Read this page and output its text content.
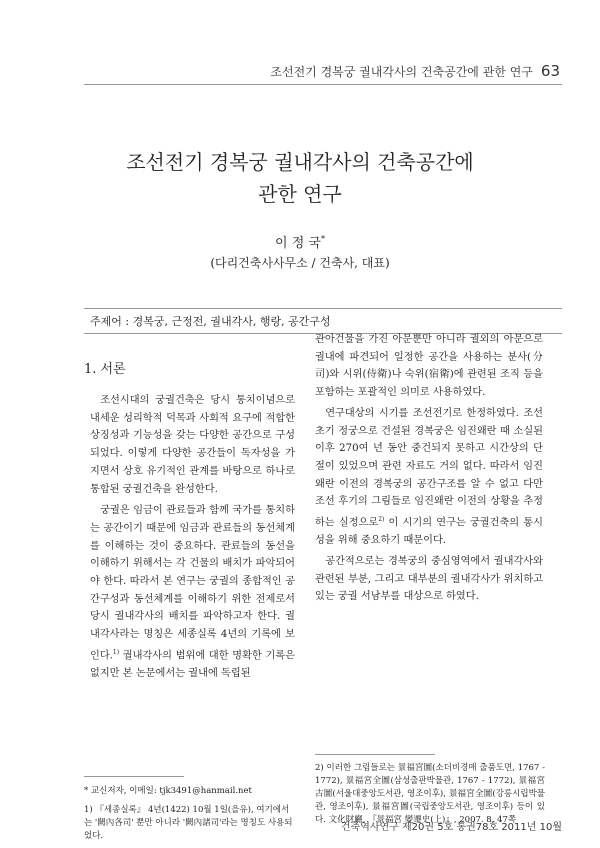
조선전기 경복궁 궐내각사의 건축공간에 관한 연구 63
조선전기 경복궁 궐내각사의 건축공간에
관한 연구
이 정 국*
(다리건축사사무소 / 건축사, 대표)
주제어 : 경복궁, 근정전, 궐내각사, 행랑, 공간구성
1. 서론

조선시대의 궁궐건축은 당시 통치이념으로 내세운 성리학적 덕목과 사회적 요구에 적합한 상징성과 기능성을 갖는 다양한 공간으로 구성되었다. 이렇게 다양한 공간들이 독자성을 가지면서 상호 유기적인 관계를 바탕으로 하나로 통합된 궁궐건축을 완성한다.

궁궐은 임금이 관료들과 함께 국가를 통치하는 공간이기 때문에 임금과 관료들의 동선체계를 이해하는 것이 중요하다. 관료들의 동선을 이해하기 위해서는 각 건물의 배치가 파악되어야 한다. 따라서 본 연구는 궁궐의 종합적인 공간구성과 동선체계를 이해하기 위한 전제로서 당시 궐내각사의 배치를 파악하고자 한다. 궐내각사라는 명칭은 세종실록 4년의 기록에 보인다.$^{1)}$ 궐내각사의 범위에 대한 명확한 기록은 없지만 본 논문에서는 궐내에 독립된

관아건물을 가진 아문뿐만 아니라 궐외의 아문으로 궐내에 파견되어 일정한 공간을 사용하는 분사(分司)와 시위(侍衛)나 숙위(宿衛)에 관련된 조직 등을 포함하는 포괄적인 의미로 사용하였다.

연구대상의 시기를 조선전기로 한정하였다. 조선초기 정궁으로 건설된 경복궁은 임진왜란 때 소실된 이후 270여 년 동안 중건되지 못하고 시간상의 단절이 있었으며 관련 자료도 거의 없다. 따라서 임진왜란 이전의 경복궁의 공간구조를 알 수 없고 다만 조선 후기의 그림들로 임진왜란 이전의 상황을 추정하는 실정으로$^{2)}$ 이 시기의 연구는 궁궐건축의 통시성을 위해 중요하기 때문이다.

공간적으로는 경복궁의 중심영역에서 궐내각사와 관련된 부분, 그리고 대부분의 궐내각사가 위치하고 있는 궁궐 서남부를 대상으로 하였다.

* 교신저자, 이메일: tjk3491@hanmail.net
1) 『세종실록』 4년(1422) 10월 1일(을유), 여기에서는 '闕內各司' 뿐만 아니라 '闕內諸司'라는 명칭도 사용되었다.
2) 이러한 그림들로는 景福宮圖(소더비경매 출품도면, 1767 - 1772), 景福宮全圖(삼성출판박물관, 1767 - 1772), 景福宮古圖(서울대중앙도서관, 영조이후), 景福宮全圖(강릉시립박물관, 영조이후), 景福宮圖(국립중앙도서관, 영조이후) 등이 있다. 文化財廳, 『景福宮 變遷史(上)』, 2007. 8, 47쪽
건축역사연구 제20권 5호 통권78호 2011년 10월
